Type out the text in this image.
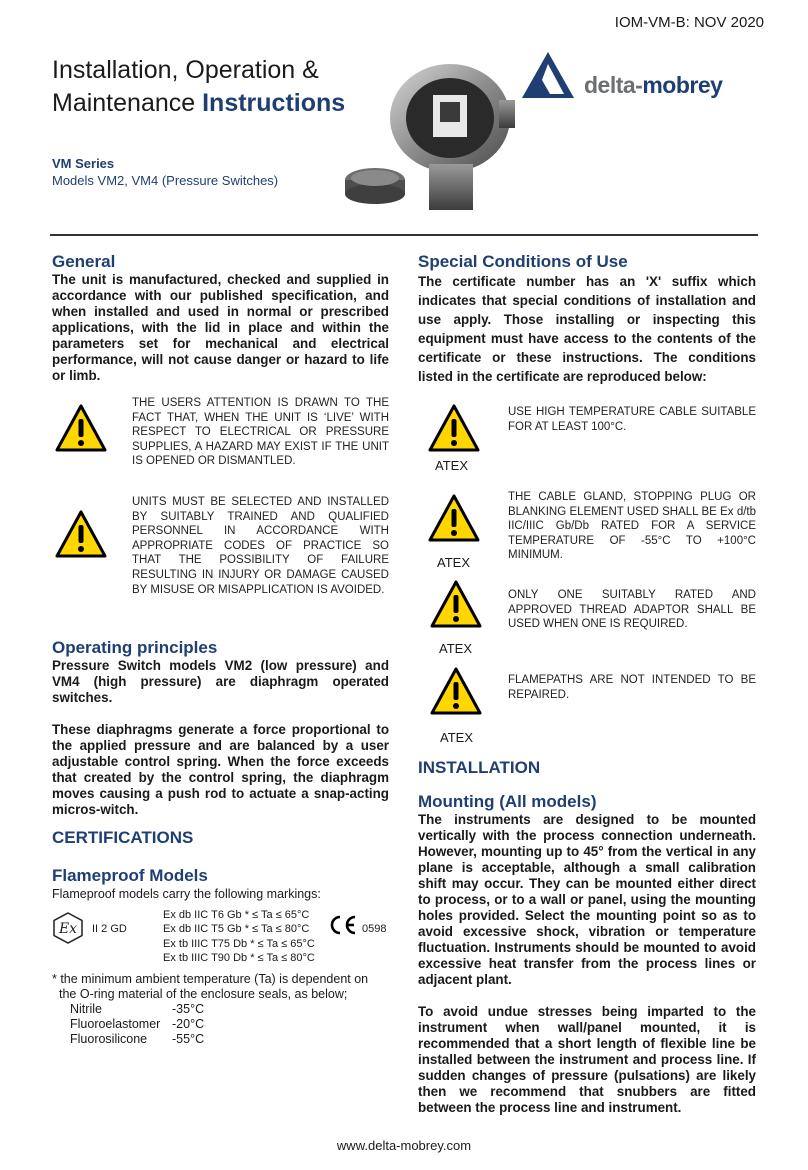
IOM-VM-B: NOV 2020
Installation, Operation &
Maintenance Instructions
VM Series
Models VM2, VM4 (Pressure Switches)
delta-mobrey
General
The unit is manufactured, checked and supplied in accordance with our published specification, and when installed and used in normal or prescribed applications, with the lid in place and within the parameters set for mechanical and electrical performance, will not cause danger or hazard to life or limb.
THE USERS ATTENTION IS DRAWN TO THE FACT THAT, WHEN THE UNIT IS ‘LIVE’ WITH RESPECT TO ELECTRICAL OR PRESSURE SUPPLIES, A HAZARD MAY EXIST IF THE UNIT IS OPENED OR DISMANTLED.
UNITS MUST BE SELECTED AND INSTALLED BY SUITABLY TRAINED AND QUALIFIED PERSONNEL IN ACCORDANCE WITH APPROPRIATE CODES OF PRACTICE SO THAT THE POSSIBILITY OF FAILURE RESULTING IN INJURY OR DAMAGE CAUSED BY MISUSE OR MISAPPLICATION IS AVOIDED.
Operating principles
Pressure Switch models VM2 (low pressure) and VM4 (high pressure) are diaphragm operated switches.
These diaphragms generate a force proportional to the applied pressure and are balanced by a user adjustable control spring. When the force exceeds that created by the control spring, the diaphragm moves causing a push rod to actuate a snap-acting micros-witch.
CERTIFICATIONS
Flameproof Models
Flameproof models carry the following markings:
Ex II 2 GD
Ex db IIC T6 Gb * ≤ Ta ≤ 65°C
Ex db IIC T5 Gb * ≤ Ta ≤ 80°C
Ex tb IIIC T75 Db * ≤ Ta ≤ 65°C
Ex tb IIIC T90 Db * ≤ Ta ≤ 80°C
0598
* the minimum ambient temperature (Ta) is dependent on
the O-ring material of the enclosure seals, as below;
Nitrile	-35°C
Fluoroelastomer -20°C
Fluorosilicone -55°C
Special Conditions of Use
The certificate number has an 'X' suffix which indicates that special conditions of installation and use apply. Those installing or inspecting this equipment must have access to the contents of the certificate or these instructions. The conditions listed in the certificate are reproduced below:
ATEX
USE HIGH TEMPERATURE CABLE SUITABLE FOR AT LEAST 100°C.
ATEX
THE CABLE GLAND, STOPPING PLUG OR BLANKING ELEMENT USED SHALL BE Ex d/tb IIC/IIIC Gb/Db RATED FOR A SERVICE TEMPERATURE OF -55°C TO +100°C MINIMUM.
ATEX
ONLY ONE SUITABLY RATED AND APPROVED THREAD ADAPTOR SHALL BE USED WHEN ONE IS REQUIRED.
ATEX
FLAMEPATHS ARE NOT INTENDED TO BE REPAIRED.
INSTALLATION
Mounting (All models)
The instruments are designed to be mounted vertically with the process connection underneath. However, mounting up to 45° from the vertical in any plane is acceptable, although a small calibration shift may occur. They can be mounted either direct to process, or to a wall or panel, using the mounting holes provided. Select the mounting point so as to avoid excessive shock, vibration or temperature fluctuation. Instruments should be mounted to avoid excessive heat transfer from the process lines or adjacent plant.
To avoid undue stresses being imparted to the instrument when wall/panel mounted, it is recommended that a short length of flexible line be installed between the instrument and process line. If sudden changes of pressure (pulsations) are likely then we recommend that snubbers are fitted between the process line and instrument.
www.delta-mobrey.com
